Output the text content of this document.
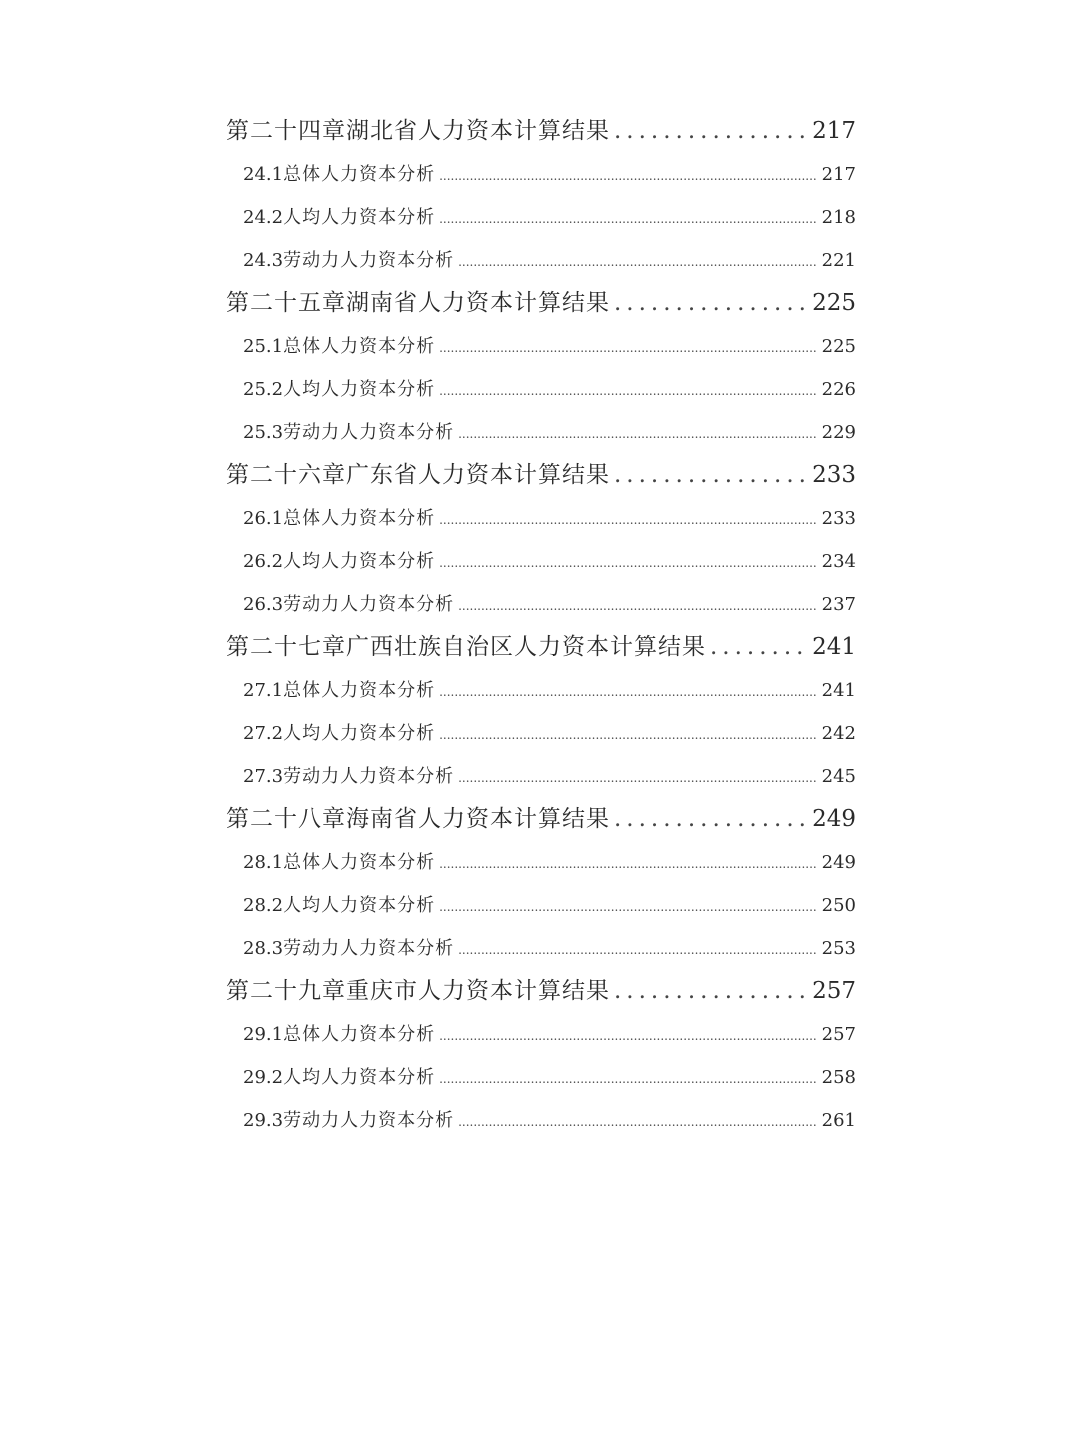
第二十四章 湖北省人力资本计算结果 .....	217
24.1 总体人力资本分析 .....	217
24.2 人均人力资本分析 .....	218
24.3 劳动力人力资本分析 .....	221
第二十五章 湖南省人力资本计算结果 .....	225
25.1 总体人力资本分析 .....	225
25.2 人均人力资本分析 .....	226
25.3 劳动力人力资本分析 .....	229
第二十六章 广东省人力资本计算结果 .....	233
26.1 总体人力资本分析 .....	233
26.2 人均人力资本分析 .....	234
26.3 劳动力人力资本分析 .....	237
第二十七章 广西壮族自治区人力资本计算结果 .....	241
27.1 总体人力资本分析 .....	241
27.2 人均人力资本分析 .....	242
27.3 劳动力人力资本分析 .....	245
第二十八章 海南省人力资本计算结果 .....	249
28.1 总体人力资本分析 .....	249
28.2 人均人力资本分析 .....	250
28.3 劳动力人力资本分析 .....	253
第二十九章 重庆市人力资本计算结果 .....	257
29.1 总体人力资本分析 .....	257
29.2 人均人力资本分析 .....	258
29.3 劳动力人力资本分析 .....	261
